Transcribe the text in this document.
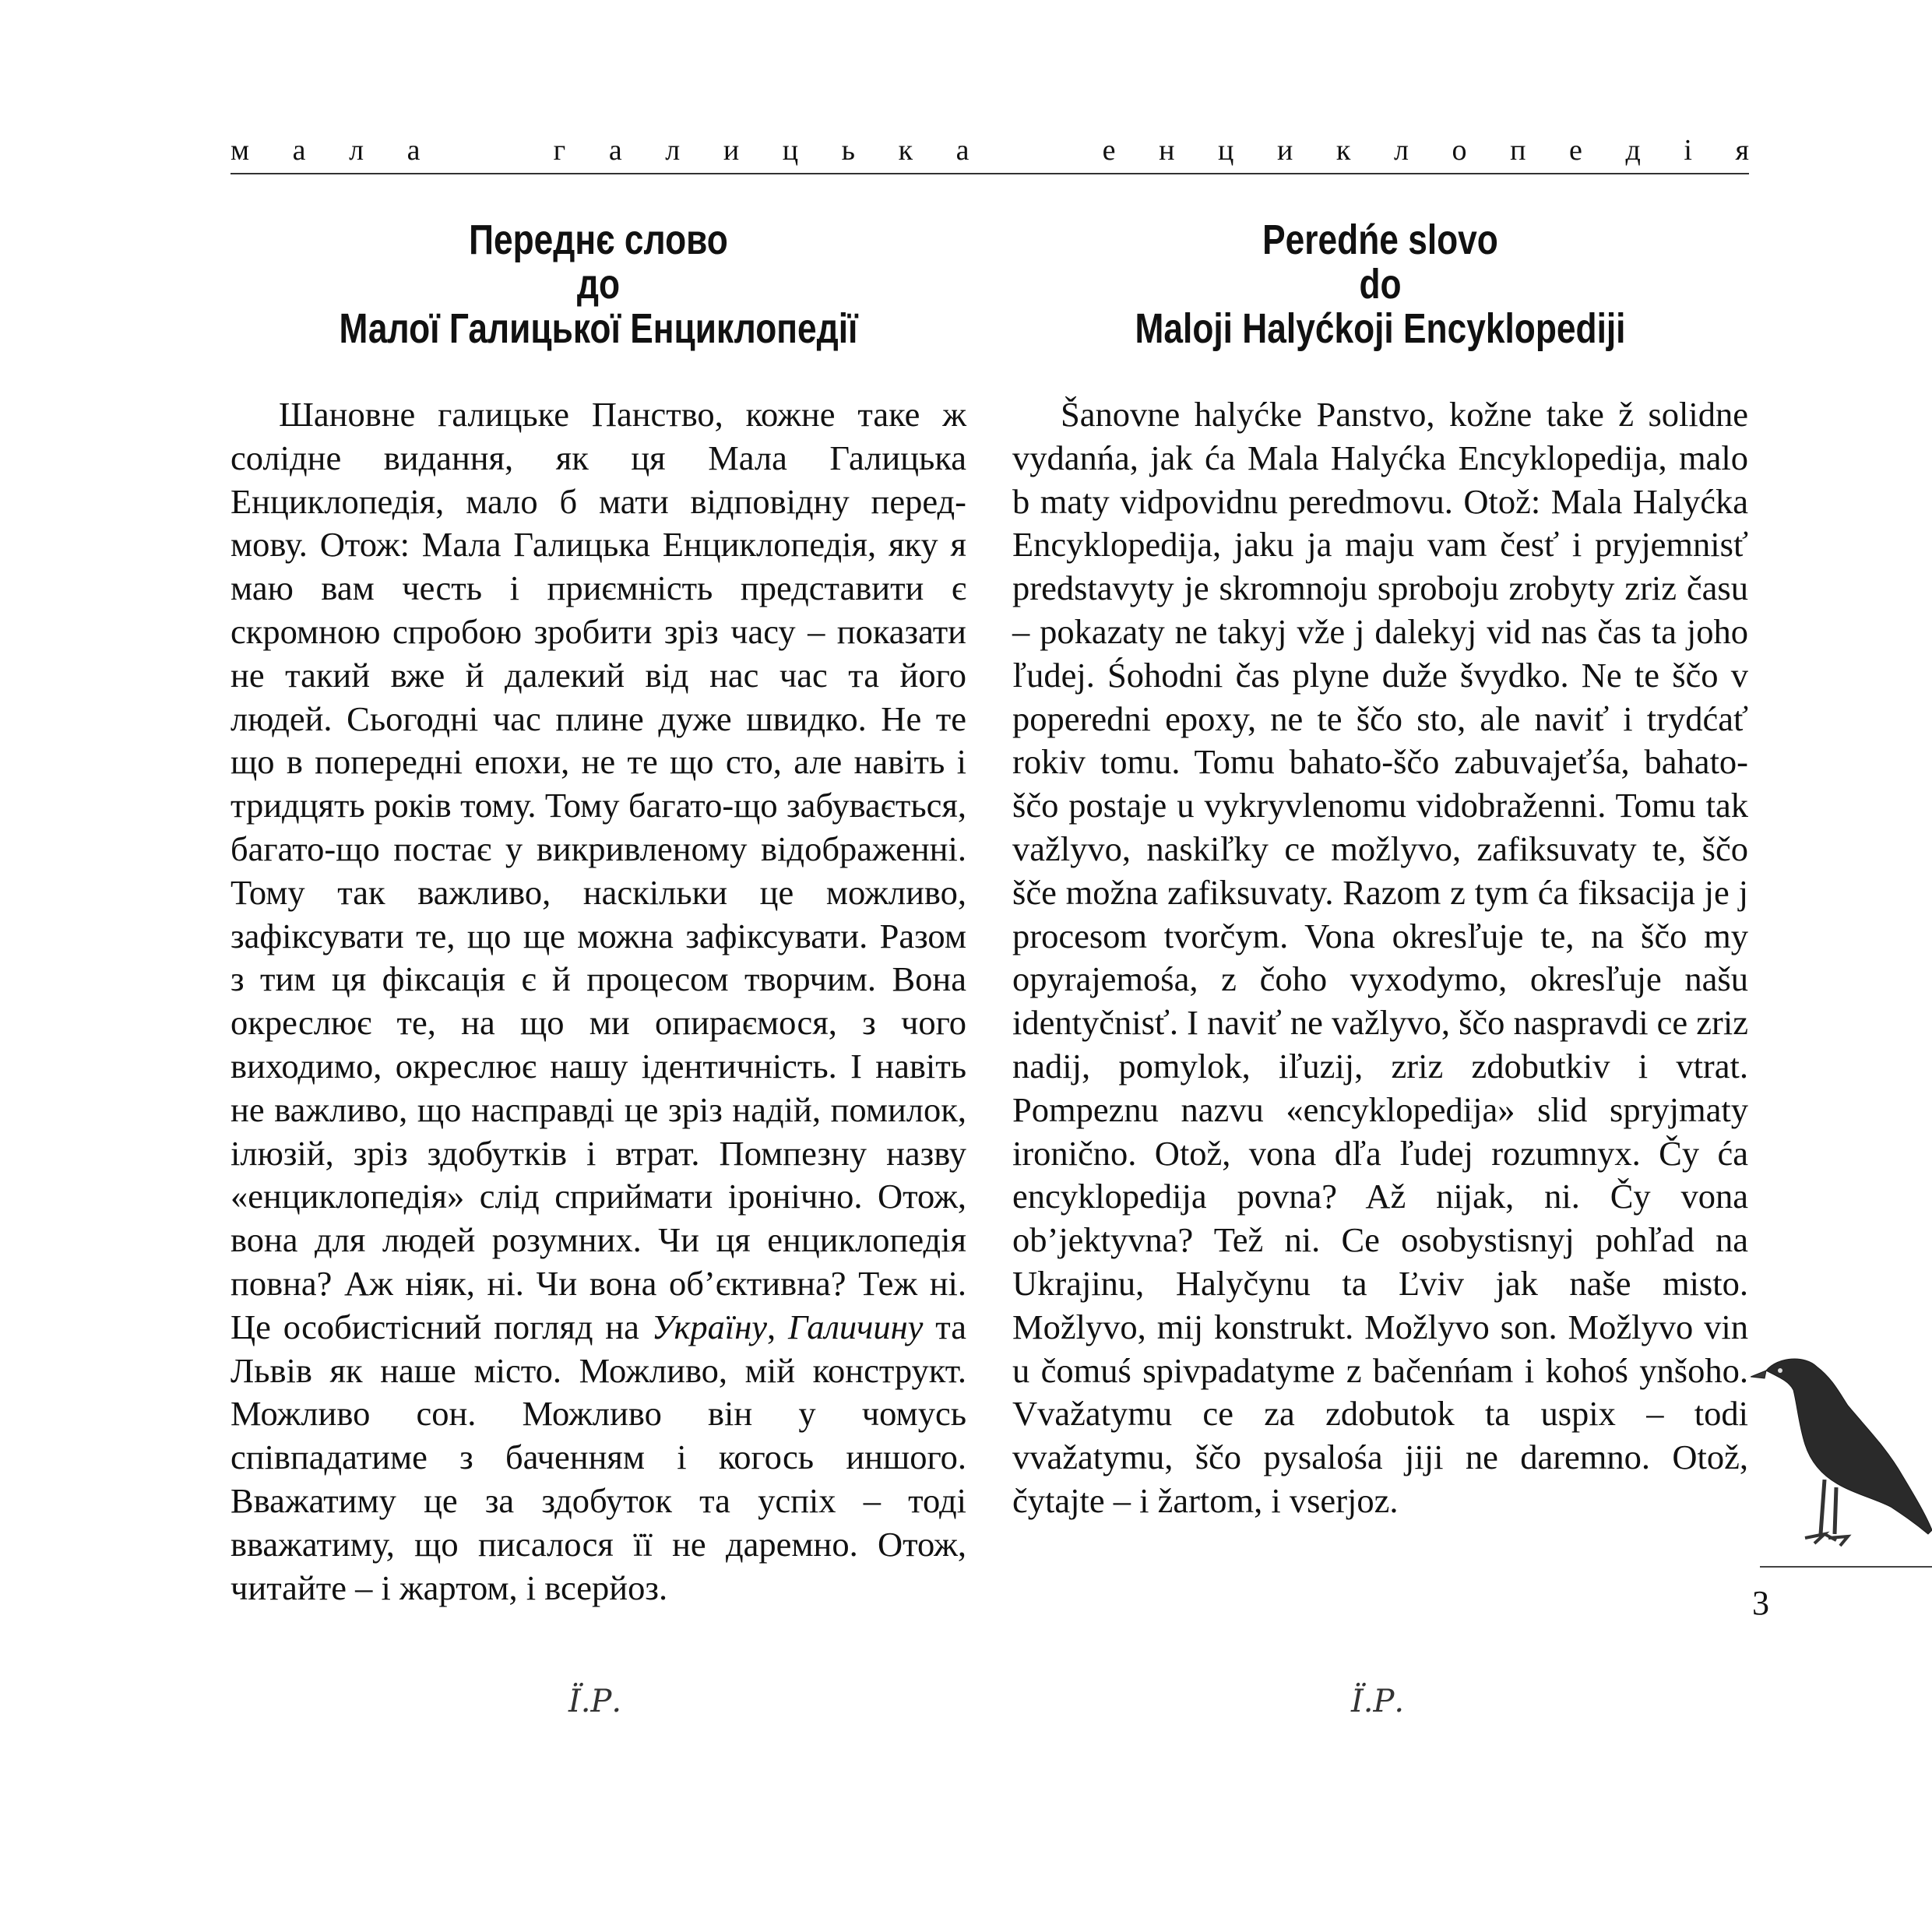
м а л а	г а л и ц ь к а	е н ц и к л о п е д і я
Переднє слово
до
Малої Галицької Енциклопедії

Шановне галицьке Панство, кожне таке ж солідне видання, як ця Мала Галицька Енциклопедія, мало б мати відповідну передмову. Отож: Мала Галицька Енциклопедія, яку я маю вам честь і приємність представити є скромною спробою зробити зріз часу – показати не такий вже й далекий від нас час та його людей. Сьогодні час плине дуже швидко. Не те що в попередні епохи, не те що сто, але навіть і тридцять років тому. Тому багато-що забувається, багато-що постає у викривленому відображенні. Тому так важливо, наскільки це можливо, зафіксувати те, що ще можна зафіксувати. Разом з тим ця фіксація є й процесом творчим. Вона окреслює те, на що ми опираємося, з чого виходимо, окреслює нашу ідентичність. І навіть не важливо, що насправді це зріз надій, помилок, ілюзій, зріз здобутків і втрат. Помпезну назву «енциклопедія» слід сприймати іронічно. Отож, вона для людей розумних. Чи ця енциклопедія повна? Аж ніяк, ні. Чи вона об’єктивна? Теж ні. Це особистісний погляд на Україну, Галичину та Львів як наше місто. Можливо, мій конструкт. Можливо сон. Можливо він у чомусь співпадатиме з баченням і когось иншого. Вважатиму це за здобуток та успіх – тоді вважатиму, що писалося її не даремно. Отож, читайте – і жартом, і всерйоз.

Ї.Р.
Peredńe slovo
do
Maloji Halyćkoji Encyklopediji

Šanovne halyćke Panstvo, kožne take ž solidne vydanńa, jak ća Mala Halyćka Encyklopedija, malo b maty vidpovidnu peredmovu. Otož: Mala Halyćka Encyklopedija, jaku ja maju vam česť i pryjemnisť predstavyty je skromnoju sproboju zrobyty zriz času – pokazaty ne takyj vže j dalekyj vid nas čas ta joho ľudej. Śohodni čas plyne duže švydko. Ne te ščo v poperedni epoxy, ne te ščo sto, ale naviť i trydćať rokiv tomu. Tomu bahato-ščo zabuvajeťśa, bahato-ščo postaje u vykryvlenomu vidobraženni. Tomu tak važlyvo, naskiľky ce možlyvo, zafiksuvaty te, ščo šče možna zafiksuvaty. Razom z tym ća fiksacija je j procesom tvorčym. Vona okresľuje te, na ščo my opyrajemośa, z čoho vyxodymo, okresľuje našu identyčnisť. I naviť ne važlyvo, ščo naspravdi ce zriz nadij, pomylok, iľuzij, zriz zdobutkiv i vtrat. Pompeznu nazvu «encyklopedija» slid spryjmaty ironično. Otož, vona dľa ľudej rozumnyx. Čy ća encyklopedija povna? Až nijak, ni. Čy vona ob’jektyvna? Tež ni. Ce osobystisnyj pohľad na Ukrajinu, Halyčynu ta Ľviv jak naše misto. Možlyvo, mij konstrukt. Možlyvo son. Možlyvo vin u čomuś spivpadatyme z bačenńam i kohoś ynšoho. Vvažatymu ce za zdobutok ta uspix – todi vvažatymu, ščo pysalośa jiji ne daremno. Otož, čytajte – i žartom, i vserjoz.

Ї.Р.
3
